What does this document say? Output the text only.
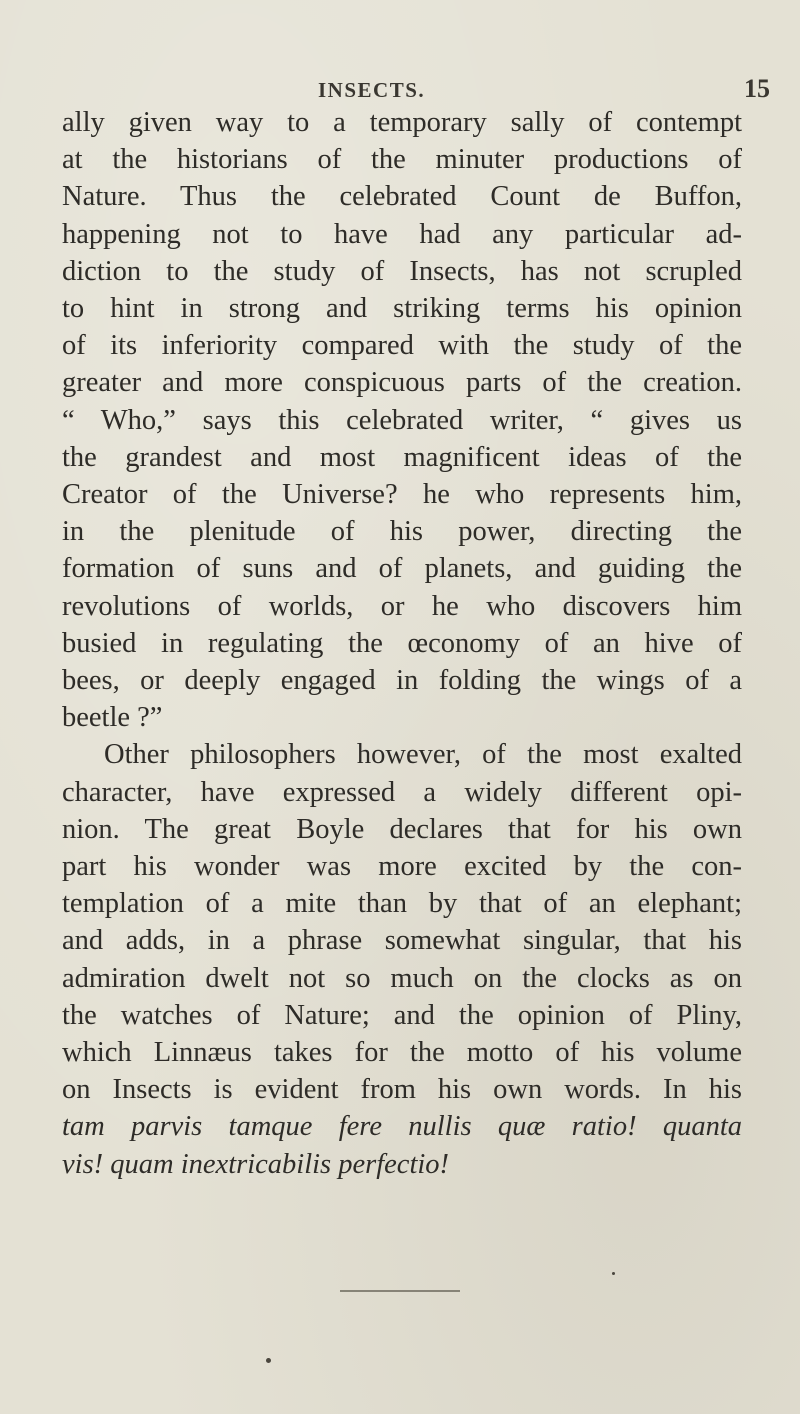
INSECTS.	15
ally given way to a temporary sally of contempt
at the historians of the minuter productions of
Nature. Thus the celebrated Count de Buffon,
happening not to have had any particular ad-
diction to the study of Insects, has not scrupled
to hint in strong and striking terms his opinion
of its inferiority compared with the study of the
greater and more conspicuous parts of the creation.
“ Who,” says this celebrated writer, “ gives us
the grandest and most magnificent ideas of the
Creator of the Universe? he who represents him,
in the plenitude of his power, directing the
formation of suns and of planets, and guiding the
revolutions of worlds, or he who discovers him
busied in regulating the œconomy of an hive of
bees, or deeply engaged in folding the wings of a
beetle ?”
Other philosophers however, of the most exalted
character, have expressed a widely different opi-
nion. The great Boyle declares that for his own
part his wonder was more excited by the con-
templation of a mite than by that of an elephant;
and adds, in a phrase somewhat singular, that his
admiration dwelt not so much on the clocks as on
the watches of Nature; and the opinion of Pliny,
which Linnæus takes for the motto of his volume
on Insects is evident from his own words. In his
tam parvis tamque fere nullis quæ ratio! quanta
vis! quam inextricabilis perfectio!
